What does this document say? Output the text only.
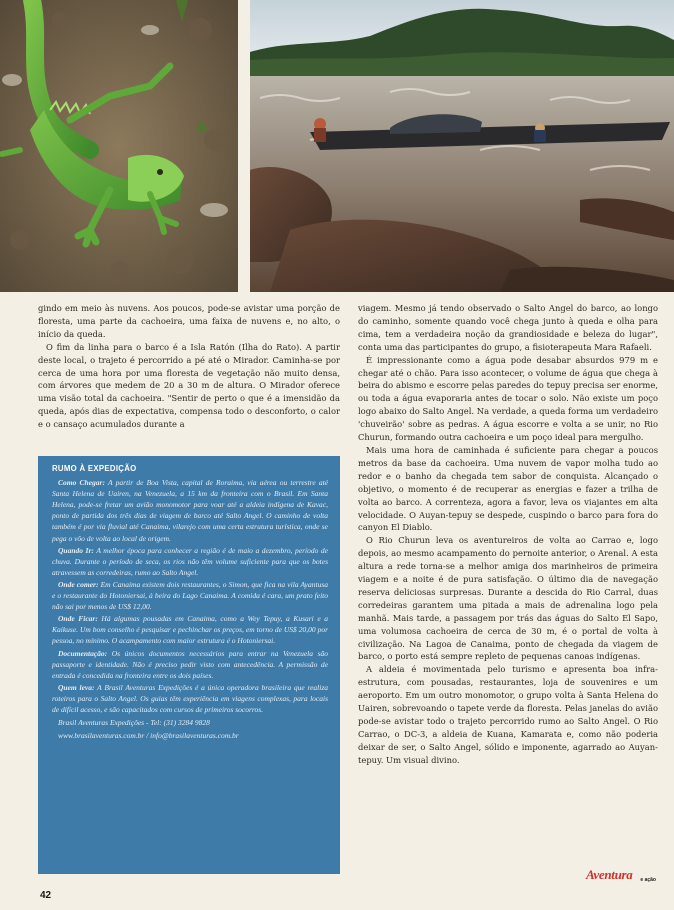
gindo em meio às nuvens. Aos poucos, pode-se avistar uma porção de floresta, uma parte da cachoeira, uma faixa de nuvens e, no alto, o início da queda.

O fim da linha para o barco é a Isla Ratón (Ilha do Rato). A partir deste local, o trajeto é percorrido a pé até o Mirador. Caminha-se por cerca de uma hora por uma floresta de vegetação não muito densa, com árvores que medem de 20 a 30 m de altura. O Mirador oferece uma visão total da cachoeira. "Sentir de perto o que é a imensidão da queda, após dias de expectativa, compensa todo o desconforto, o calor e o cansaço acumulados durante a

RUMO À EXPEDIÇÃO

Como Chegar: A partir de Boa Vista, capital de Roraima, via aérea ou terrestre até Santa Helena de Uairen, na Venezuela, a 15 km da fronteira com o Brasil. Em Santa Helena, pode-se fretar um avião monomotor para voar até a aldeia indígena de Kavac, ponto de partida dos três dias de viagem de barco até Salto Angel. O caminho de volta também é por via fluvial até Canaima, vilarejo com uma certa estrutura turística, onde se pega o vôo de volta ao local de origem.

Quando Ir: A melhor época para conhecer a região é de maio a dezembro, período de chuva. Durante o período de seca, os rios não têm volume suficiente para que os botes atravessem as corredeiras, rumo ao Salto Angel.

Onde comer: Em Canaima existem dois restaurantes, o Simon, que fica na vila Ayantusa e o restaurante do Hotoniersai, à beira do Lago Canaima. A comida é cara, um prato feito não sai por menos de US$ 12,00.

Onde Ficar: Há algumas pousadas em Canaima, como a Wey Tepuy, a Kusari e a Kaikuse. Um bom conselho é pesquisar e pechinchar os preços, em torno de US$ 20,00 por pessoa, no mínimo. O acampamento com maior estrutura é o Hotoniersai.

Documentação: Os únicos documentos necessários para entrar na Venezuela são passaporte e identidade. Não é preciso pedir visto com antecedência. A permissão de entrada é concedida na fronteira entre os dois países.

Quem leva: A Brasil Aventuras Expedições é a única operadora brasileira que realiza roteiros para o Salto Angel. Os guias têm experiência em viagens complexas, para locais de difícil acesso, e são capacitados com cursos de primeiros socorros.

Brasil Aventuras Expedições - Tel: (31) 3284 9828

www.brasilaventuras.com.br / info@brasilaventuras.com.br

viagem. Mesmo já tendo observado o Salto Angel do barco, ao longo do caminho, somente quando você chega junto à queda e olha para cima, tem a verdadeira noção da grandiosidade e beleza do lugar", conta uma das participantes do grupo, a fisioterapeuta Mara Rafaeli.

É impressionante como a água pode desabar absurdos 979 m e chegar até o chão. Para isso acontecer, o volume de água que chega à beira do abismo e escorre pelas paredes do tepuy precisa ser enorme, ou toda a água evaporaria antes de tocar o solo. Não existe um poço logo abaixo do Salto Angel. Na verdade, a queda forma um verdadeiro 'chuveirão' sobre as pedras. A água escorre e volta a se unir, no Rio Churun, formando outra cachoeira e um poço ideal para mergulho.

Mais uma hora de caminhada é suficiente para chegar a poucos metros da base da cachoeira. Uma nuvem de vapor molha tudo ao redor e o banho da chegada tem sabor de conquista. Alcançado o objetivo, o momento é de recuperar as energias e fazer a trilha de volta ao barco. A correnteza, agora a favor, leva os viajantes em alta velocidade. O Auyan-tepuy se despede, cuspindo o barco para fora do canyon El Diablo.

O Rio Churun leva os aventureiros de volta ao Carrao e, logo depois, ao mesmo acampamento do pernoite anterior, o Arenal. A esta altura a rede torna-se a melhor amiga dos marinheiros de primeira viagem e a noite é de pura satisfação. O último dia de navegação reserva deliciosas surpresas. Durante a descida do Rio Carral, duas corredeiras garantem uma pitada a mais de adrenalina logo pela manhã. Mais tarde, a passagem por trás das águas do Salto El Sapo, uma volumosa cachoeira de cerca de 30 m, é o portal de volta à civilização. Na Lagoa de Canaima, ponto de chegada da viagem de barco, o porto está sempre repleto de pequenas canoas indígenas.

A aldeia é movimentada pelo turismo e apresenta boa infra-estrutura, com pousadas, restaurantes, loja de souvenires e um aeroporto. Em um outro monomotor, o grupo volta à Santa Helena do Uairen, sobrevoando o tapete verde da floresta. Pelas janelas do avião pode-se avistar todo o trajeto percorrido rumo ao Salto Angel. O Rio Carrao, o DC-3, a aldeia de Kuana, Kamarata e, como não poderia deixar de ser, o Salto Angel, sólido e imponente, agarrado ao Auyan-tepuy. Um visual divino.

42
Aventura e ação
